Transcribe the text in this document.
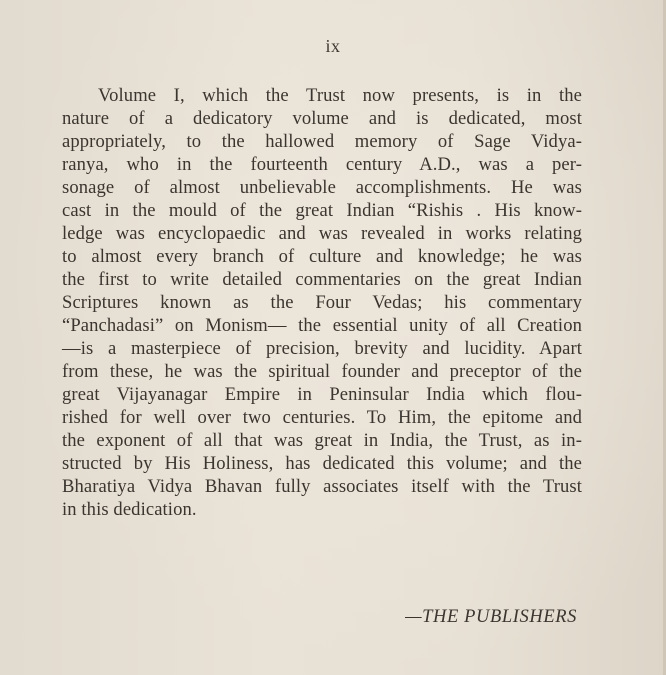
ix
Volume I, which the Trust now presents, is in the
nature of a dedicatory volume and is dedicated, most
appropriately, to the hallowed memory of Sage Vidya-
ranya, who in the fourteenth century A.D., was a per-
sonage of almost unbelievable accomplishments. He was
cast in the mould of the great Indian “Rishis . His know-
ledge was encyclopaedic and was revealed in works relating
to almost every branch of culture and knowledge; he was
the first to write detailed commentaries on the great Indian
Scriptures known as the Four Vedas; his commentary
“Panchadasi” on Monism— the essential unity of all Creation
—is a masterpiece of precision, brevity and lucidity. Apart
from these, he was the spiritual founder and preceptor of the
great Vijayanagar Empire in Peninsular India which flou-
rished for well over two centuries. To Him, the epitome and
the exponent of all that was great in India, the Trust, as in-
structed by His Holiness, has dedicated this volume; and the
Bharatiya Vidya Bhavan fully associates itself with the Trust
in this dedication.
—THE PUBLISHERS
